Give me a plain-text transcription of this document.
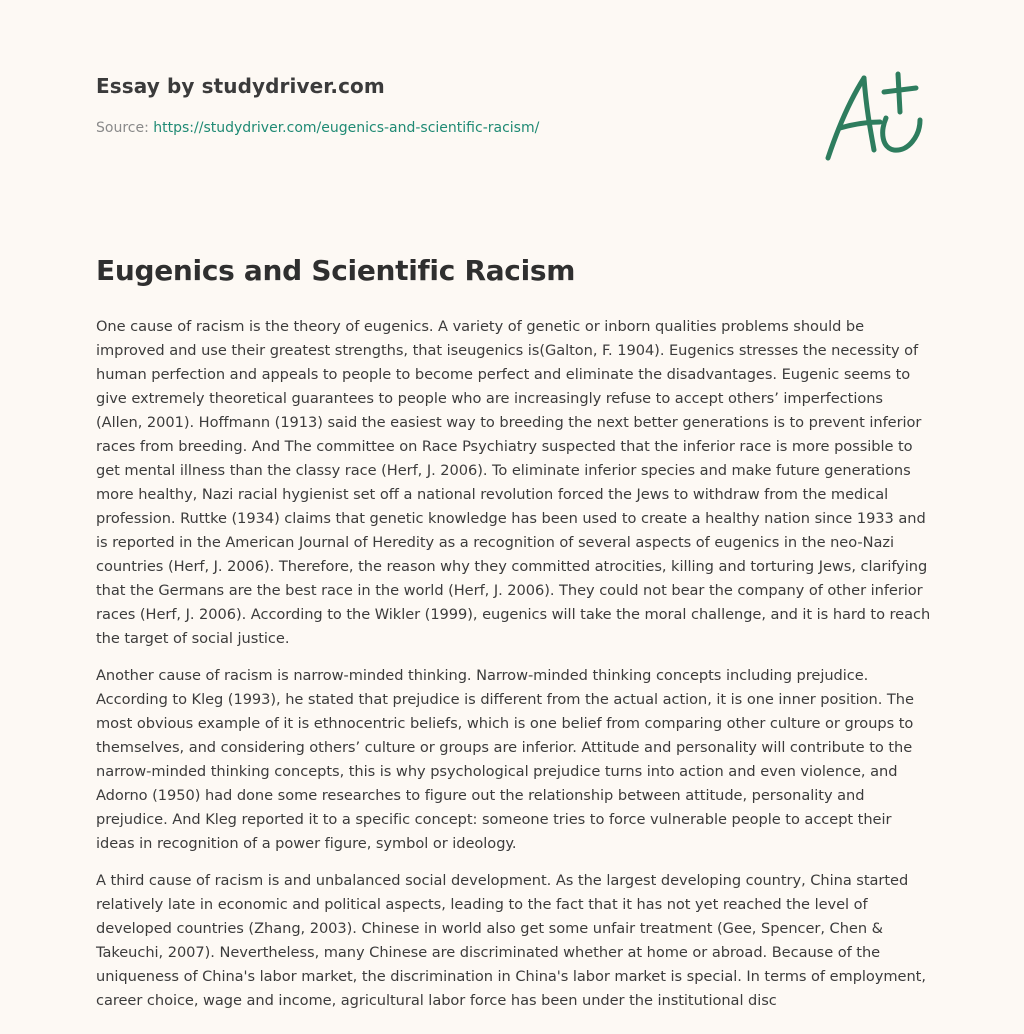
Essay by studydriver.com
Source: https://studydriver.com/eugenics-and-scientific-racism/
Eugenics and Scientific Racism

One cause of racism is the theory of eugenics. A variety of genetic or inborn qualities problems should be improved and use their greatest strengths, that iseugenics is(Galton, F. 1904). Eugenics stresses the necessity of human perfection and appeals to people to become perfect and eliminate the disadvantages. Eugenic seems to give extremely theoretical guarantees to people who are increasingly refuse to accept others’ imperfections (Allen, 2001). Hoffmann (1913) said the easiest way to breeding the next better generations is to prevent inferior races from breeding. And The committee on Race Psychiatry suspected that the inferior race is more possible to get mental illness than the classy race (Herf, J. 2006). To eliminate inferior species and make future generations more healthy, Nazi racial hygienist set off a national revolution forced the Jews to withdraw from the medical profession. Ruttke (1934) claims that genetic knowledge has been used to create a healthy nation since 1933 and is reported in the American Journal of Heredity as a recognition of several aspects of eugenics in the neo-Nazi countries (Herf, J. 2006). Therefore, the reason why they committed atrocities, killing and torturing Jews, clarifying that the Germans are the best race in the world (Herf, J. 2006). They could not bear the company of other inferior races (Herf, J. 2006). According to the Wikler (1999), eugenics will take the moral challenge, and it is hard to reach the target of social justice.

Another cause of racism is narrow-minded thinking. Narrow-minded thinking concepts including prejudice. According to Kleg (1993), he stated that prejudice is different from the actual action, it is one inner position. The most obvious example of it is ethnocentric beliefs, which is one belief from comparing other culture or groups to themselves, and considering others’ culture or groups are inferior. Attitude and personality will contribute to the narrow-minded thinking concepts, this is why psychological prejudice turns into action and even violence, and Adorno (1950) had done some researches to figure out the relationship between attitude, personality and prejudice. And Kleg reported it to a specific concept: someone tries to force vulnerable people to accept their ideas in recognition of a power figure, symbol or ideology.

A third cause of racism is and unbalanced social development. As the largest developing country, China started relatively late in economic and political aspects, leading to the fact that it has not yet reached the level of developed countries (Zhang, 2003). Chinese in world also get some unfair treatment (Gee, Spencer, Chen & Takeuchi, 2007). Nevertheless, many Chinese are discriminated whether at home or abroad. Because of the uniqueness of China's labor market, the discrimination in China's labor market is special. In terms of employment, career choice, wage and income, agricultural labor force has been under the institutional disc
